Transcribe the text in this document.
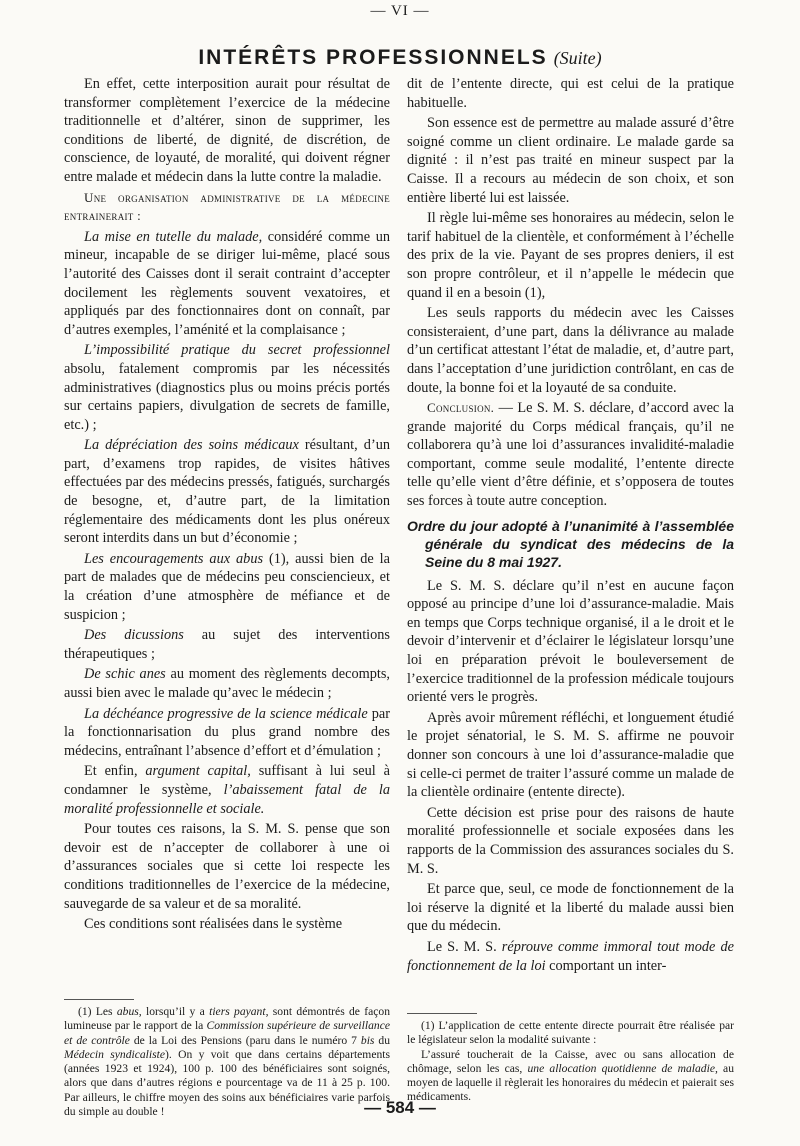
— VI —
INTÉRÊTS PROFESSIONNELS (Suite)

En effet, cette interposition aurait pour résultat de transformer complètement l’exercice de la médecine traditionnelle et d’altérer, sinon de supprimer, les conditions de liberté, de dignité, de discrétion, de conscience, de loyauté, de moralité, qui doivent régner entre malade et médecin dans la lutte contre la maladie.

Une organisation administrative de la médecine entrainerait :

La mise en tutelle du malade, considéré comme un mineur, incapable de se diriger lui-même, placé sous l’autorité des Caisses dont il serait contraint d’accepter docilement les règlements souvent vexatoires, et appliqués par des fonctionnaires dont on connaît, par d’autres exemples, l’aménité et la complaisance ;

L’impossibilité pratique du secret professionnel absolu, fatalement compromis par les nécessités administratives (diagnostics plus ou moins précis portés sur certains papiers, divulgation de secrets de famille, etc.) ;

La dépréciation des soins médicaux résultant, d’un part, d’examens trop rapides, de visites hâtives effectuées par des médecins pressés, fatigués, surchargés de besogne, et, d’autre part, de la limitation réglementaire des médicaments dont les plus onéreux seront interdits dans un but d’économie ;

Les encouragements aux abus (1), aussi bien de la part de malades que de médecins peu consciencieux, et la création d’une atmosphère de méfiance et de suspicion ;

Des dicussions au sujet des interventions thérapeutiques ;

De schic anes au moment des règlements decompts, aussi bien avec le malade qu’avec le médecin ;

La déchéance progressive de la science médicale par la fonctionnarisation du plus grand nombre des médecins, entraînant l’absence d’effort et d’émulation ;

Et enfin, argument capital, suffisant à lui seul à condamner le système, l’abaissement fatal de la moralité professionnelle et sociale.

Pour toutes ces raisons, la S. M. S. pense que son devoir est de n’accepter de collaborer à une oi d’assurances sociales que si cette loi respecte les conditions traditionnelles de l’exercice de la médecine, sauvegarde de sa valeur et de sa moralité.

Ces conditions sont réalisées dans le système

(1) Les abus, lorsqu’il y a tiers payant, sont démontrés de façon lumineuse par le rapport de la Commission supérieure de surveillance et de contrôle de la Loi des Pensions (paru dans le numéro 7 bis du Médecin syndicaliste). On y voit que dans certains départements (années 1923 et 1924), 100 p. 100 des bénéficiaires sont soignés, alors que dans d’autres régions e pourcentage va de 11 à 25 p. 100. Par ailleurs, le chiffre moyen des soins aux bénéficiaires varie parfois du simple au double !

dit de l’entente directe, qui est celui de la pratique habituelle.

Son essence est de permettre au malade assuré d’être soigné comme un client ordinaire. Le malade garde sa dignité : il n’est pas traité en mineur suspect par la Caisse. Il a recours au médecin de son choix, et son entière liberté lui est laissée.

Il règle lui-même ses honoraires au médecin, selon le tarif habituel de la clientèle, et conformément à l’échelle des prix de la vie. Payant de ses propres deniers, il est son propre contrôleur, et il n’appelle le médecin que quand il en a besoin (1),

Les seuls rapports du médecin avec les Caisses consisteraient, d’une part, dans la délivrance au malade d’un certificat attestant l’état de maladie, et, d’autre part, dans l’acceptation d’une juridiction contrôlant, en cas de doute, la bonne foi et la loyauté de sa conduite.

Conclusion. — Le S. M. S. déclare, d’accord avec la grande majorité du Corps médical français, qu’il ne collaborera qu’à une loi d’assurances invalidité-maladie comportant, comme seule modalité, l’entente directe telle qu’elle vient d’être définie, et s’opposera de toutes ses forces à toute autre conception.

Ordre du jour adopté à l’unanimité à l’assemblée générale du syndicat des médecins de la Seine du 8 mai 1927.

Le S. M. S. déclare qu’il n’est en aucune façon opposé au principe d’une loi d’assurance-maladie. Mais en temps que Corps technique organisé, il a le droit et le devoir d’intervenir et d’éclairer le législateur lorsqu’une loi en préparation prévoit le bouleversement de l’exercice traditionnel de la profession médicale toujours orienté vers le progrès.

Après avoir mûrement réfléchi, et longuement étudié le projet sénatorial, le S. M. S. affirme ne pouvoir donner son concours à une loi d’assurance-maladie que si celle-ci permet de traiter l’assuré comme un malade de la clientèle ordinaire (entente directe).

Cette décision est prise pour des raisons de haute moralité professionnelle et sociale exposées dans les rapports de la Commission des assurances sociales du S. M. S.

Et parce que, seul, ce mode de fonctionnement de la loi réserve la dignité et la liberté du malade aussi bien que du médecin.

Le S. M. S. réprouve comme immoral tout mode de fonctionnement de la loi comportant un inter-

(1) L’application de cette entente directe pourrait être réalisée par le législateur selon la modalité suivante :

L’assuré toucherait de la Caisse, avec ou sans allocation de chômage, selon les cas, une allocation quotidienne de maladie, au moyen de laquelle il règlerait les honoraires du médecin et paierait ses médicaments.

— 584 —
